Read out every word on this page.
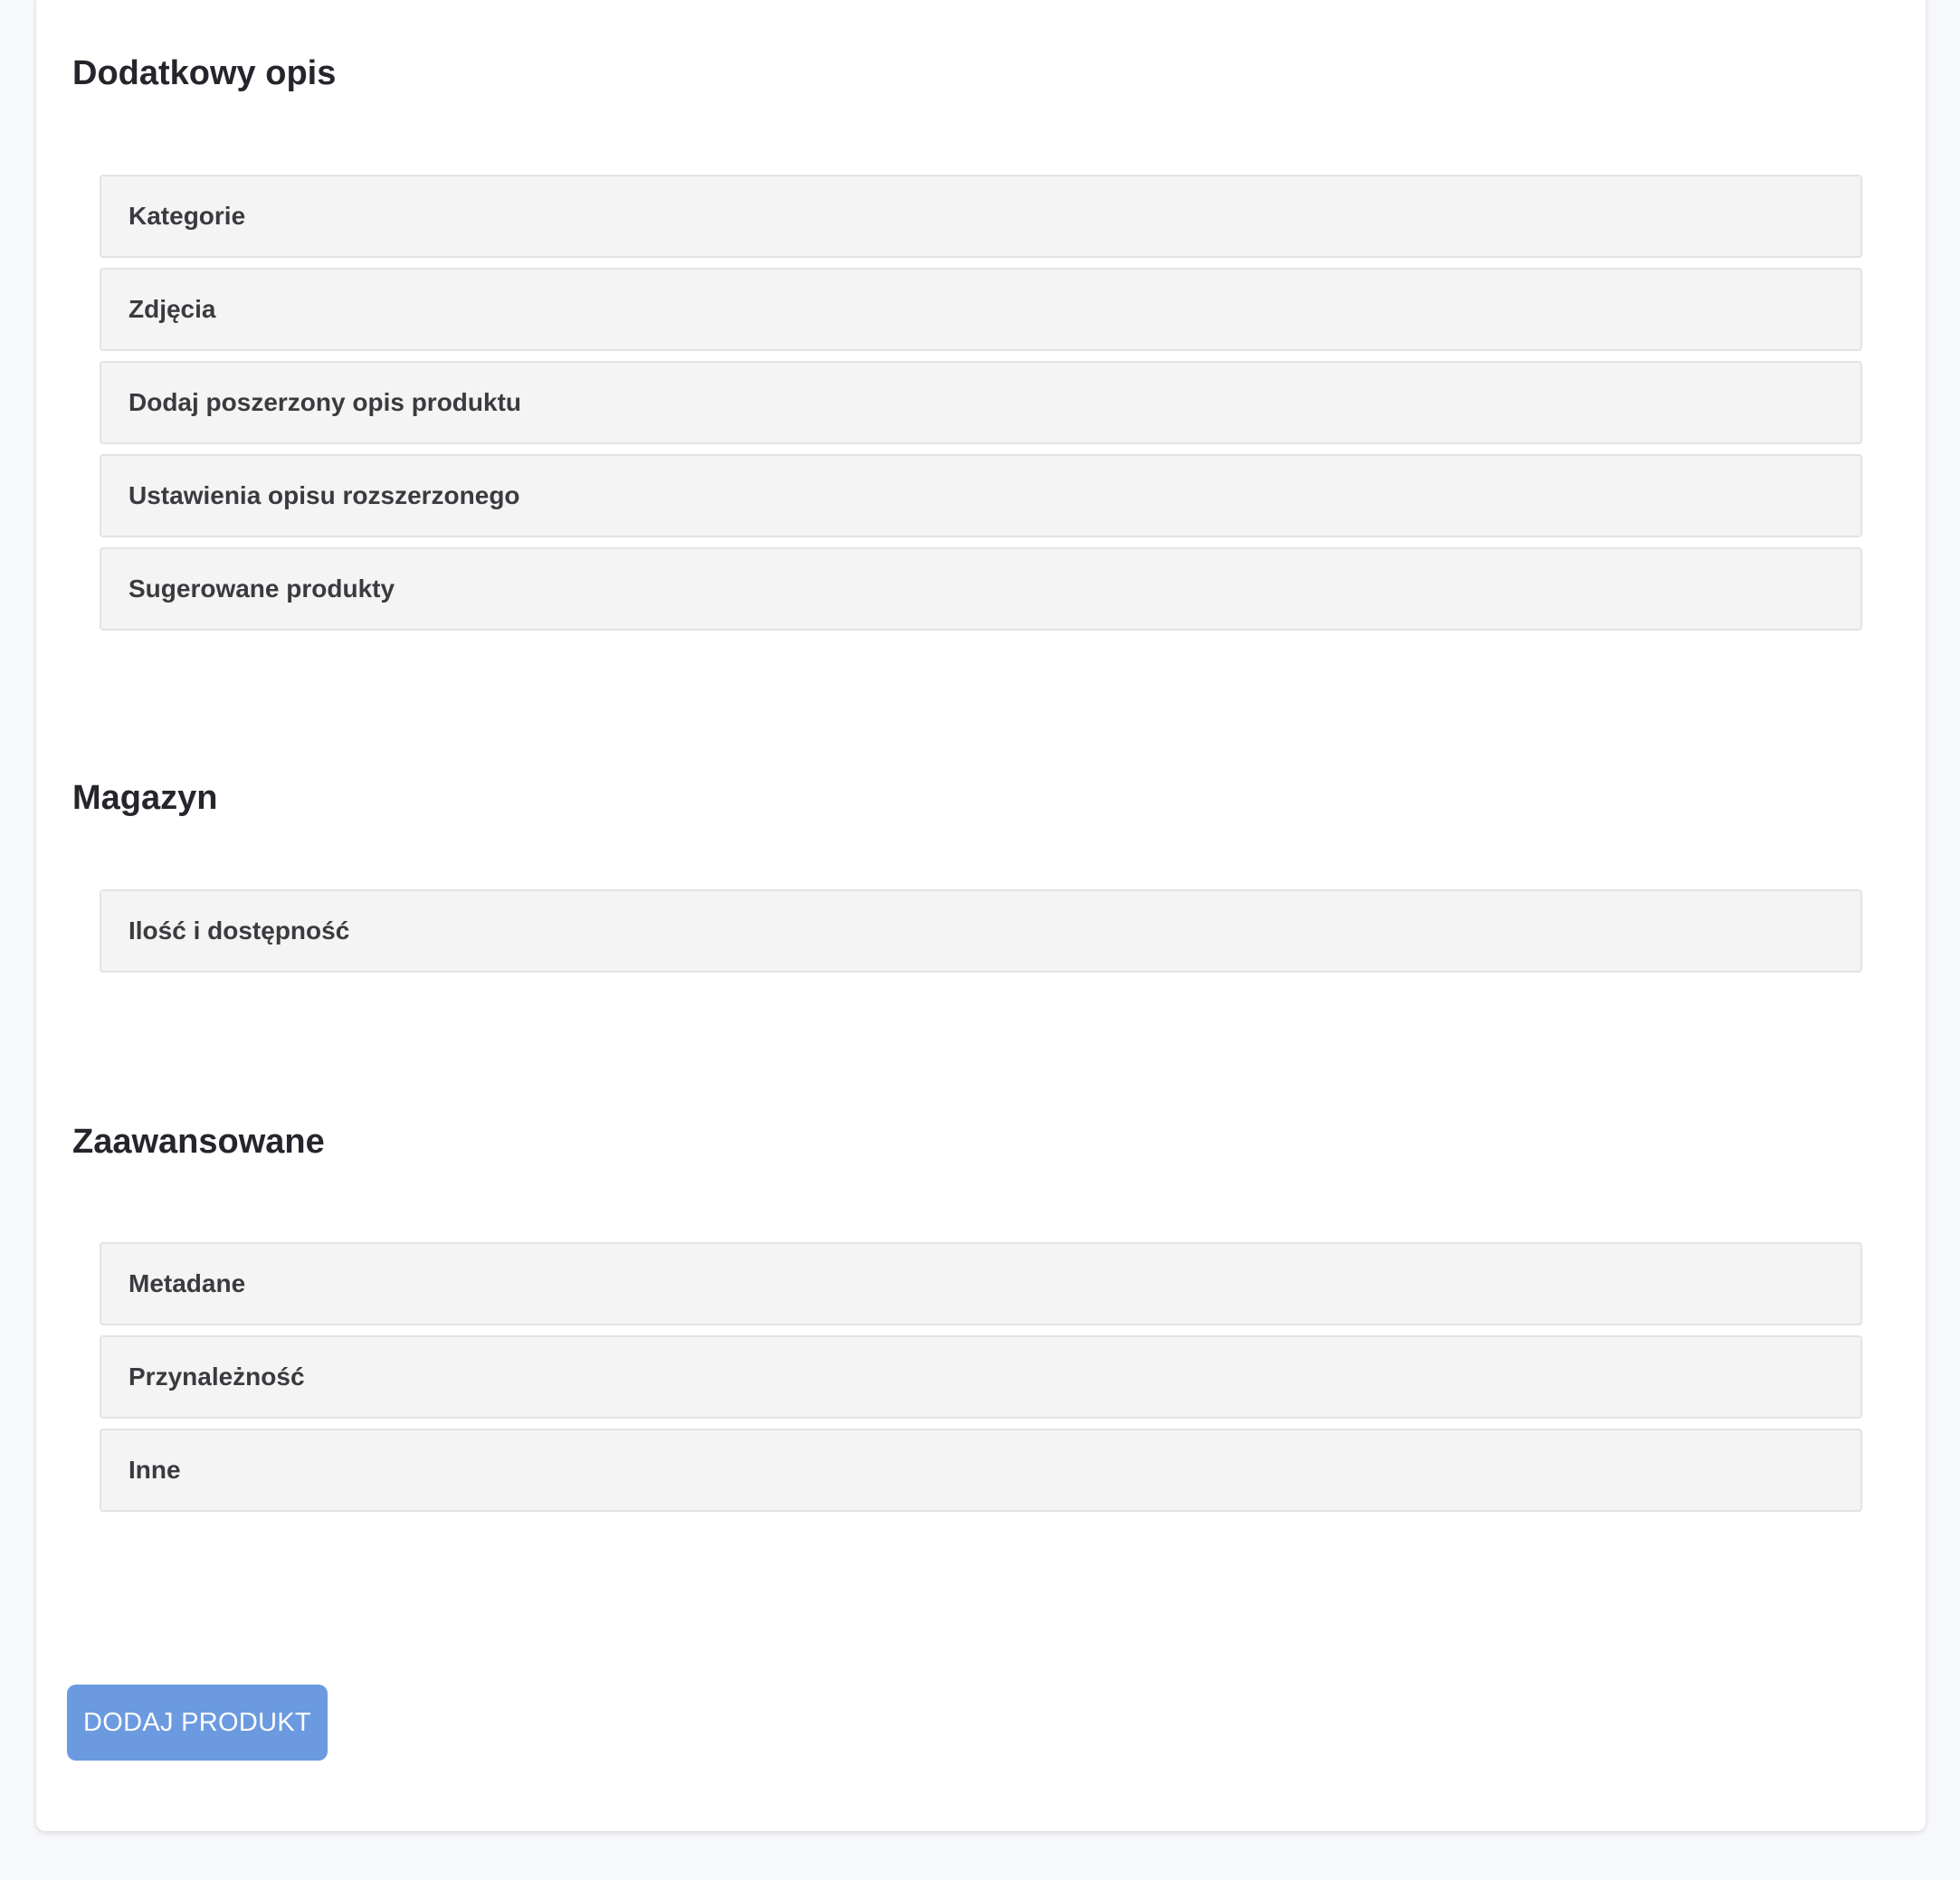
Dodatkowy opis
Kategorie
Zdjęcia
Dodaj poszerzony opis produktu
Ustawienia opisu rozszerzonego
Sugerowane produkty
Magazyn
Ilość i dostępność
Zaawansowane
Metadane
Przynależność
Inne
DODAJ PRODUKT
